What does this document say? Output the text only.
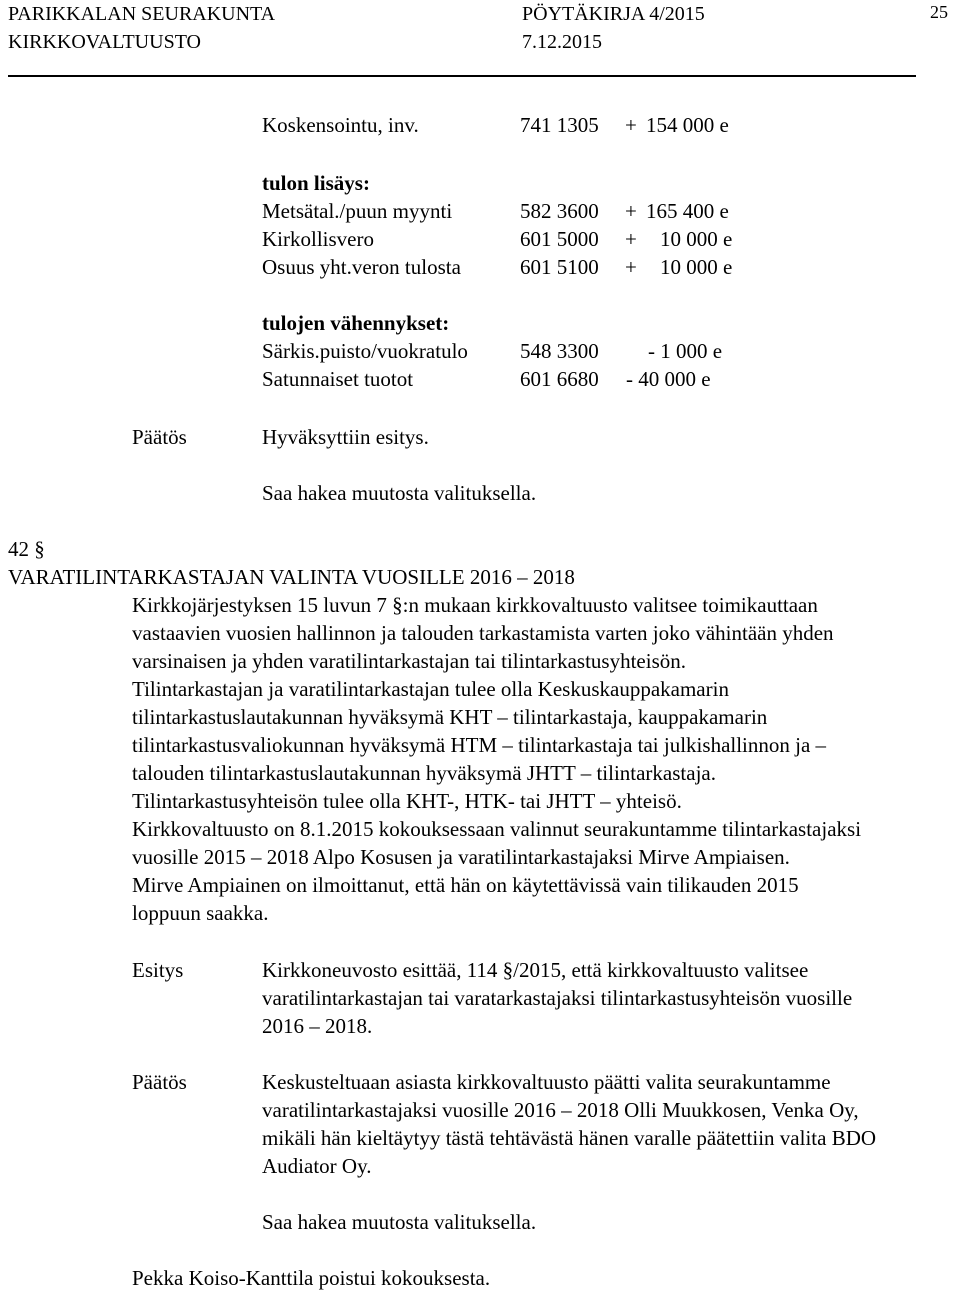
PARIKKALAN SEURAKUNTA
KIRKKOVALTUUSTO
PÖYTÄKIRJA 4/2015
7.12.2015
25
Koskensointu, inv.	741 1305 + 154 000 e
tulon lisäys:
Metsätal./puun myynti	582 3600 + 165 400 e
Kirkollisvero	601 5000 + 10 000 e
Osuus yht.veron tulosta	601 5100 + 10 000 e
tulojen vähennykset:
Särkis.puisto/vuokratulo 548 3300 - 1 000 e
Satunnaiset tuotot	601 6680 - 40 000 e
Päätös	Hyväksyttiin esitys.
Saa hakea muutosta valituksella.
42 §
VARATILINTARKASTAJAN VALINTA VUOSILLE 2016 – 2018
Kirkkojärjestyksen 15 luvun 7 §:n mukaan kirkkovaltuusto valitsee toimikauttaan
vastaavien vuosien hallinnon ja talouden tarkastamista varten joko vähintään yhden
varsinaisen ja yhden varatilintarkastajan tai tilintarkastusyhteisön.
Tilintarkastajan ja varatilintarkastajan tulee olla Keskuskauppakamarin
tilintarkastuslautakunnan hyväksymä KHT – tilintarkastaja, kauppakamarin
tilintarkastusvaliokunnan hyväksymä HTM – tilintarkastaja tai julkishallinnon ja –
talouden tilintarkastuslautakunnan hyväksymä JHTT – tilintarkastaja.
Tilintarkastusyhteisön tulee olla KHT-, HTK- tai JHTT – yhteisö.
Kirkkovaltuusto on 8.1.2015 kokouksessaan valinnut seurakuntamme tilintarkastajaksi
vuosille 2015 – 2018 Alpo Kosusen ja varatilintarkastajaksi Mirve Ampiaisen.
Mirve Ampiainen on ilmoittanut, että hän on käytettävissä vain tilikauden 2015
loppuun saakka.
Esitys	Kirkkoneuvosto esittää, 114 §/2015, että kirkkovaltuusto valitsee
varatilintarkastajan tai varatarkastajaksi tilintarkastusyhteisön vuosille
2016 – 2018.
Päätös	Keskusteltuaan asiasta kirkkovaltuusto päätti valita seurakuntamme
varatilintarkastajaksi vuosille 2016 – 2018 Olli Muukkosen, Venka Oy,
mikäli hän kieltäytyy tästä tehtävästä hänen varalle päätettiin valita BDO
Audiator Oy.
Saa hakea muutosta valituksella.
Pekka Koiso-Kanttila poistui kokouksesta.
